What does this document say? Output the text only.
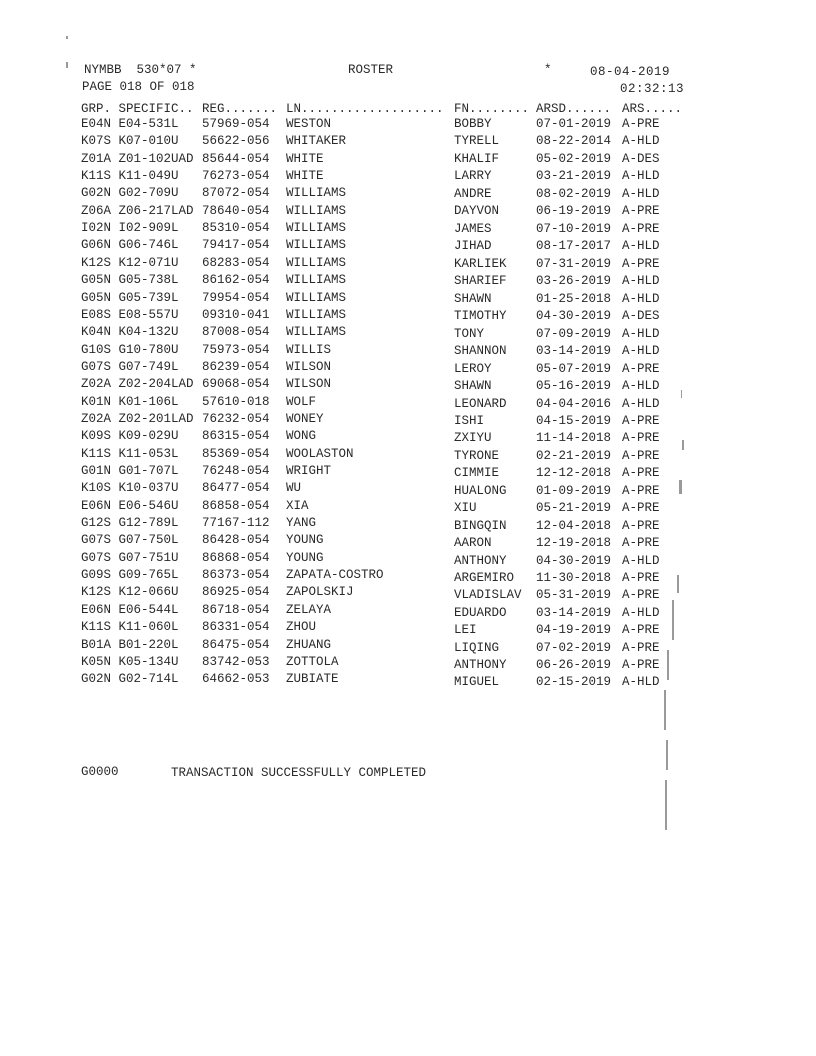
NYMBB  530*07 *
PAGE 018 OF 018
ROSTER	*	08-04-2019
02:32:13
GRP. SPECIFIC.. REG....... LN................... FN........ ARSD...... ARS.....
E04N E04-531L 57969-054 WESTON	BOBBY	07-01-2019 A-PRE
K07S K07-010U 56622-056 WHITAKER	TYRELL	08-22-2014 A-HLD
Z01A Z01-102UAD 85644-054 WHITE	KHALIF	05-02-2019 A-DES
K11S K11-049U 76273-054 WHITE	LARRY	03-21-2019 A-HLD
G02N G02-709U 87072-054 WILLIAMS	ANDRE	08-02-2019 A-HLD
Z06A Z06-217LAD 78640-054 WILLIAMS	DAYVON	06-19-2019 A-PRE
I02N I02-909L 85310-054 WILLIAMS	JAMES	07-10-2019 A-PRE
G06N G06-746L 79417-054 WILLIAMS	JIHAD	08-17-2017 A-HLD
K12S K12-071U 68283-054 WILLIAMS	KARLIEK 07-31-2019 A-PRE
G05N G05-738L 86162-054 WILLIAMS	SHARIEF 03-26-2019 A-HLD
G05N G05-739L 79954-054 WILLIAMS	SHAWN	01-25-2018 A-HLD
E08S E08-557U 09310-041 WILLIAMS	TIMOTHY 04-30-2019 A-DES
K04N K04-132U 87008-054 WILLIAMS	TONY	07-09-2019 A-HLD
G10S G10-780U 75973-054 WILLIS	SHANNON 03-14-2019 A-HLD
G07S G07-749L 86239-054 WILSON	LEROY	05-07-2019 A-PRE
Z02A Z02-204LAD 69068-054 WILSON	SHAWN	05-16-2019 A-HLD
K01N K01-106L 57610-018 WOLF	LEONARD 04-04-2016 A-HLD
Z02A Z02-201LAD 76232-054 WONEY	ISHI	04-15-2019 A-PRE
K09S K09-029U 86315-054 WONG	ZXIYU	11-14-2018 A-PRE
K11S K11-053L 85369-054 WOOLASTON	TYRONE	02-21-2019 A-PRE
G01N G01-707L 76248-054 WRIGHT	CIMMIE	12-12-2018 A-PRE
K10S K10-037U 86477-054 WU	HUALONG 01-09-2019 A-PRE
E06N E06-546U 86858-054 XIA	XIU	05-21-2019 A-PRE
G12S G12-789L 77167-112 YANG	BINGQIN 12-04-2018 A-PRE
G07S G07-750L 86428-054 YOUNG	AARON	12-19-2018 A-PRE
G07S G07-751U 86868-054 YOUNG	ANTHONY 04-30-2019 A-HLD
G09S G09-765L 86373-054 ZAPATA-COSTRO	ARGEMIRO 11-30-2018 A-PRE
K12S K12-066U 86925-054 ZAPOLSKIJ	VLADISLAV 05-31-2019 A-PRE
E06N E06-544L 86718-054 ZELAYA	EDUARDO 03-14-2019 A-HLD
K11S K11-060L 86331-054 ZHOU	LEI	04-19-2019 A-PRE
B01A B01-220L 86475-054 ZHUANG	LIQING	07-02-2019 A-PRE
K05N K05-134U 83742-053 ZOTTOLA	ANTHONY 06-26-2019 A-PRE
G02N G02-714L 64662-053 ZUBIATE	MIGUEL	02-15-2019 A-HLD
G0000	TRANSACTION SUCCESSFULLY COMPLETED
